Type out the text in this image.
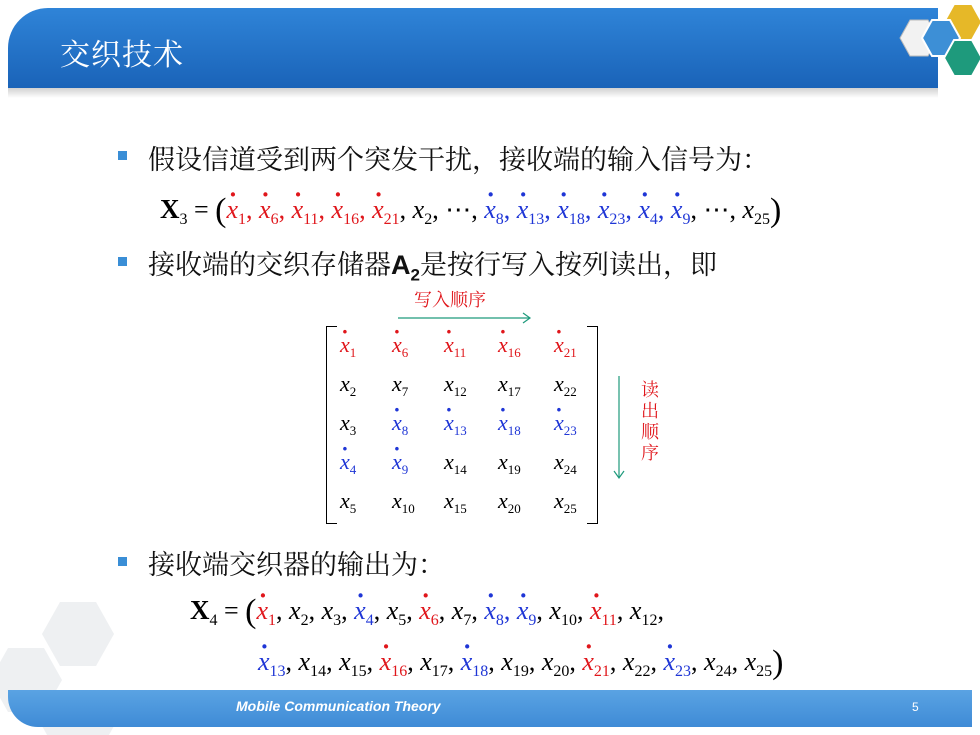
交织技术
假设信道受到两个突发干扰，接收端的输入信号为：
$X_3$ = (· $x_1$, · $x_6$, · $x_{11}$, · $x_{16}$, · $x_{21}$, $x_2$, ⋯, · $x_8$, · $x_{13}$, · $x_{18}$, · $x_{23}$, · $x_4$, · $x_9$, ⋯, $x_{25}$)
接收端的交织存储器$A_2$是按行写入按列读出，即
写入顺序
· $x_1$
· $x_6$
· $x_{11}$
· $x_{16}$
· $x_{21}$
$x_2$ $x_7$ $x_{12}$ $x_{17}$ $x_{22}$
$x_3$
· $x_8$
· $x_{13}$
· $x_{18}$
· $x_{23}$
· $x_4$
· $x_9$ $x_{14}$ $x_{19}$ $x_{24}$
$x_5$ $x_{10}$ $x_{15}$ $x_{20}$ $x_{25}$
读
出
顺
序
接收端交织器的输出为：
$X_4$ = (· $x_1$, $x_2$, $x_3$, · $x_4$, $x_5$, · $x_6$, $x_7$, · $x_8$, · $x_9$, $x_{10}$, · $x_{11}$, $x_{12}$,
· $x_{13}$, $x_{14}$, $x_{15}$, · $x_{16}$, $x_{17}$, · $x_{18}$, $x_{19}$, $x_{20}$, · $x_{21}$, $x_{22}$, · $x_{23}$, $x_{24}$, $x_{25}$)
Mobile Communication Theory	5
